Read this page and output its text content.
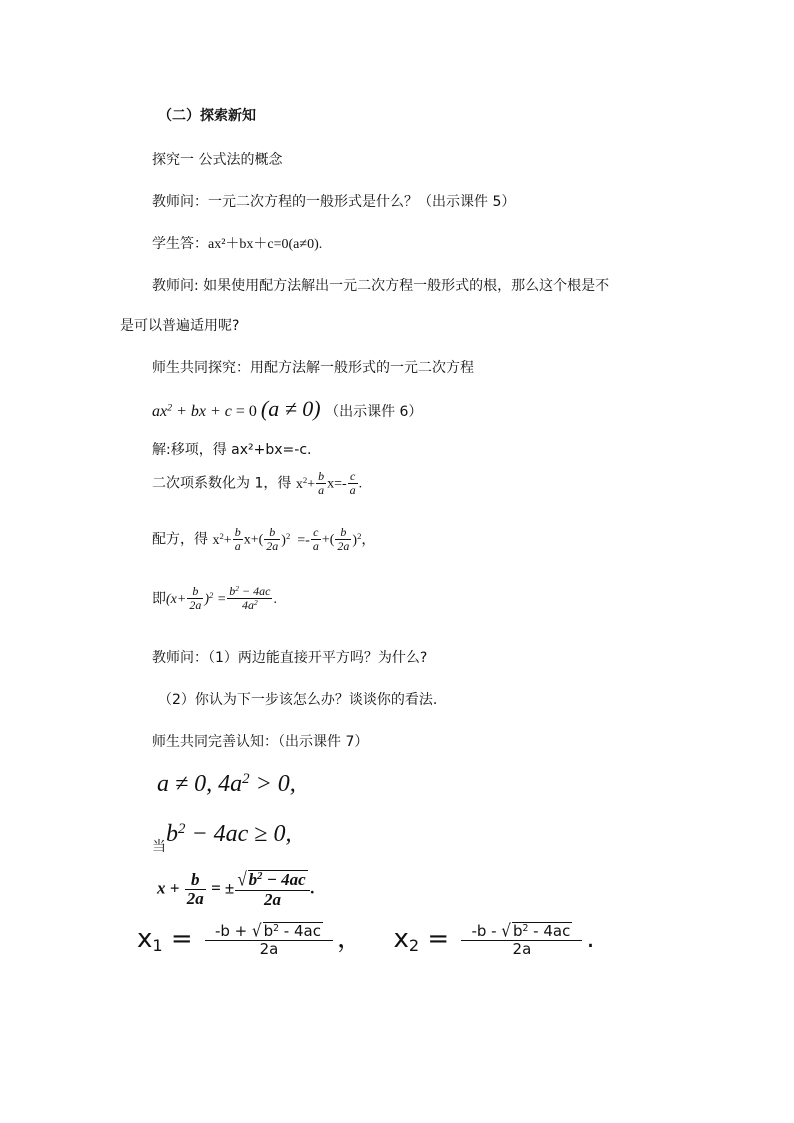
（二）探索新知
探究一 公式法的概念
教师问：一元二次方程的一般形式是什么？（出示课件 5）
学生答：ax²＋bx＋c=0(a≠0).
教师问: 如果使用配方法解出一元二次方程一般形式的根，那么这个根是不
是可以普遍适用呢?
师生共同探究：用配方法解一般形式的一元二次方程
$ax^2$ + bx + c = 0 (a ≠ 0) （出示课件 6）
解:移项，得 ax²+bx=-c.
二次项系数化为 1，得 $x^2+ \frac{b}{a} x=- \frac{c}{a}$ .
配方，得 $x^2+ \frac{b}{a} x+( \frac{b}{2a} )^2 =- \frac{c}{a}$ +( $\frac{b}{2a} )^2$，
即$(x+ \frac{b}{2a} )^2 = \frac{b^2 - 4ac}{4a^2}$ .
教师问：（1）两边能直接开平方吗？为什么?
（2）你认为下一步该怎么办？谈谈你的看法.
师生共同完善认知：（出示课件 7）
a ≠ 0, $4a^2 > 0$,
当$b^2 - 4ac \ge 0$,
$x + \frac{b}{2a}$ = ± $\frac{√ b^2 - 4ac}{2a}$ .
$x_1 = \frac{-b + √ b^2 - 4ac}{2a}$ ， $x_2 = \frac{-b - √ b^2 - 4ac}{2a}$ .
